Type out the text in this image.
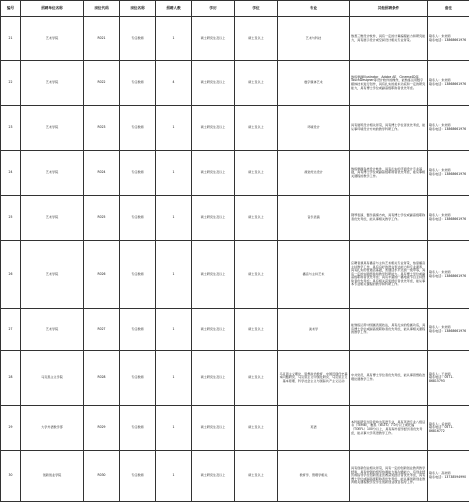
编号	招聘单位名称	岗位代码	岗位名称	招聘人数	学历	学位	专业	其他招聘条件	备注
21	艺术学院	R021	专任教师	1	硕士研究生及以上	硕士及以上	艺术与科技	熟悉三维设计软件，具有一定的计算编程能力和研究能力，具有展示设计或空间设计相关专业背景。	联系人：朱老师
联系电话：13868661976
22	艺术学院	R022	专任教师	4	硕士研究生及以上	硕士及以上	数字媒体艺术	熟练掌握Illustrator、Adobe AE、Cinema4D等、TouchDesigner等设计软件的操作，能熟练运用数字媒体技术进行创作，具有扎实的美术功底和一定的研究能力，具有博士学位或副高级职称者优先考虑。	联系人：朱老师
联系电话：13868661976
23	艺术学院	R023	专任教师	1	硕士研究生及以上	硕士及以上	环境设计	具有建筑设计相关背景，具有博士学位者优先考虑，能从事环境设计方向的教学科研工作。	联系人：朱老师
联系电话：13868661976
24	艺术学院	R024	专任教师	1	硕士研究生及以上	硕士及以上	视觉传达设计	熟练掌握各类设计软件，具有扎实的平面设计专业基础，具有博士学位或副高级职称者优先考虑，能从事相关课程的教学工作。	联系人：朱老师
联系电话：13868661976
25	艺术学院	R025	专任教师	1	硕士研究生及以上	硕士及以上	音乐表演	钢琴表演、器乐演奏方向，具有博士学位或副高级职称者优先考虑，能从事相关教学工作。	联系人：朱老师
联系电话：13868661976
26	艺术学院	R026	专任教师	1	硕士研究生及以上	硕士及以上	播音与主持艺术	应聘者须具有播音与主持艺术相关专业背景，热爱播音主持教学工作，具有良好的语言表达能力和专业素养，具有扎实的普通话基础，普通话水平达到一级甲等，具有一定的实践经验和教学科研能力。具有博士学位或副高级职称者优先考虑；具有丰富的广播电视节目主持经验者优先考虑；具有相关获奖经历者优先考虑，能从事本专业相关课程的教学和科研工作。	联系人：朱老师
联系电话：13868661976
27	艺术学院	R027	专任教师	1	硕士研究生及以上	硕士及以上	美术学	能熟练运用中国画表现技法，具有扎实的绘画功底，具有博士学位或副高级职称者优先考虑，能从事相关课程的教学工作。	联系人：朱老师
联系电话：13868661976
28	马克思主义学院	R028	专任教师	1	硕士研究生及以上	硕士及以上	马克思主义理论、思想政治教育、中国近现代史基本问题研究、马克思主义中国化研究、马克思主义基本原理、科学社会主义与国际共产主义运动	中共党员，具有博士学位者优先考虑，能从事思想政治理论课教学工作。	联系人：王老师
联系电话：0571-86815793
29	大学外语教学部	R029	专任教师	1	硕士研究生及以上	硕士及以上	英语	本科和研究生阶段均为英语专业，具有英语专业八级证书（TEM8），雅思（IELTS）7.0分以上或托福（TOEFL）100分以上，具有海外留学经历者优先考虑，能从事大学英语教学工作。	联系人：孟老师
联系电话：0571-86816772
30	创新创业学院	R030	专任教师	1	硕士研究生及以上	硕士及以上	教育学、管理学相关	具有创新创业相关背景，具有一定的创新创业教育教学经验，具有较强的组织协调能力和沟通能力，有创业经历或指导学生创新创业竞赛获奖经历者优先考虑，具有博士学位或副高级职称者优先考虑，能从事创新创业教育相关课程教学及学生创新创业项目指导工作。	联系人：高老师
联系电话：13738594990
